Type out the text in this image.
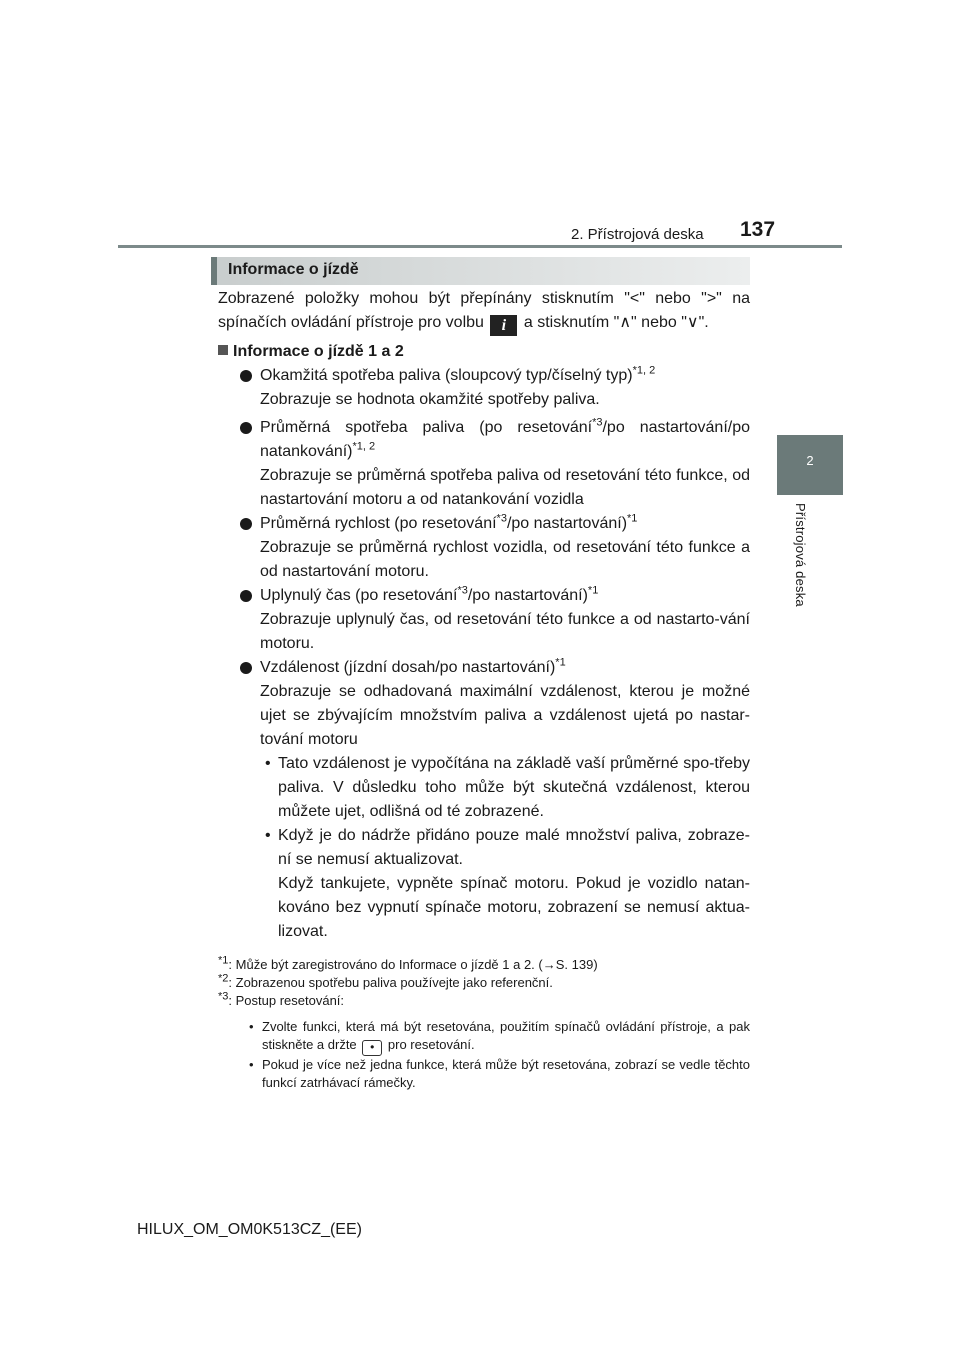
2. Přístrojová deska 137
2
Přístrojová deska
Informace o jízdě

Zobrazené položky mohou být přepínány stisknutím "<" nebo ">" na spínačích ovládání přístroje pro volbu i a stisknutím "∧" nebo "∨".

Informace o jízdě 1 a 2

Okamžitá spotřeba paliva (sloupcový typ/číselný typ)$^{*1, 2}$

Zobrazuje se hodnota okamžité spotřeby paliva.

Průměrná spotřeba paliva (po resetování$^{*3}$/po nastartování/po natankování)$^{*1, 2}$

Zobrazuje se průměrná spotřeba paliva od resetování této funkce, od nastartování motoru a od natankování vozidla

Průměrná rychlost (po resetování$^{*3}$/po nastartování)$^{*1}$

Zobrazuje se průměrná rychlost vozidla, od resetování této funkce a od nastartování motoru.

Uplynulý čas (po resetování$^{*3}$/po nastartování)$^{*1}$

Zobrazuje uplynulý čas, od resetování této funkce a od nastarto-vání motoru.

Vzdálenost (jízdní dosah/po nastartování)$^{*1}$

Zobrazuje se odhadovaná maximální vzdálenost, kterou je možné ujet se zbývajícím množstvím paliva a vzdálenost ujetá po nastar-tování motoru

• Tato vzdálenost je vypočítána na základě vaší průměrné spo-třeby paliva. V důsledku toho může být skutečná vzdálenost, kterou můžete ujet, odlišná od té zobrazené.

• Když je do nádrže přidáno pouze malé množství paliva, zobraze-ní se nemusí aktualizovat.

Když tankujete, vypněte spínač motoru. Pokud je vozidlo natan-kováno bez vypnutí spínače motoru, zobrazení se nemusí aktua-lizovat.

$^{*1}$: Může být zaregistrováno do Informace o jízdě 1 a 2. (→S. 139)

$^{*2}$: Zobrazenou spotřebu paliva používejte jako referenční.

$^{*3}$: Postup resetování:

• Zvolte funkci, která má být resetována, použitím spínačů ovládání přístroje, a pak stiskněte a držte • pro resetování.

• Pokud je více než jedna funkce, která může být resetována, zobrazí se vedle těchto funkcí zatrhávací rámečky.

HILUX_OM_OM0K513CZ_(EE)
